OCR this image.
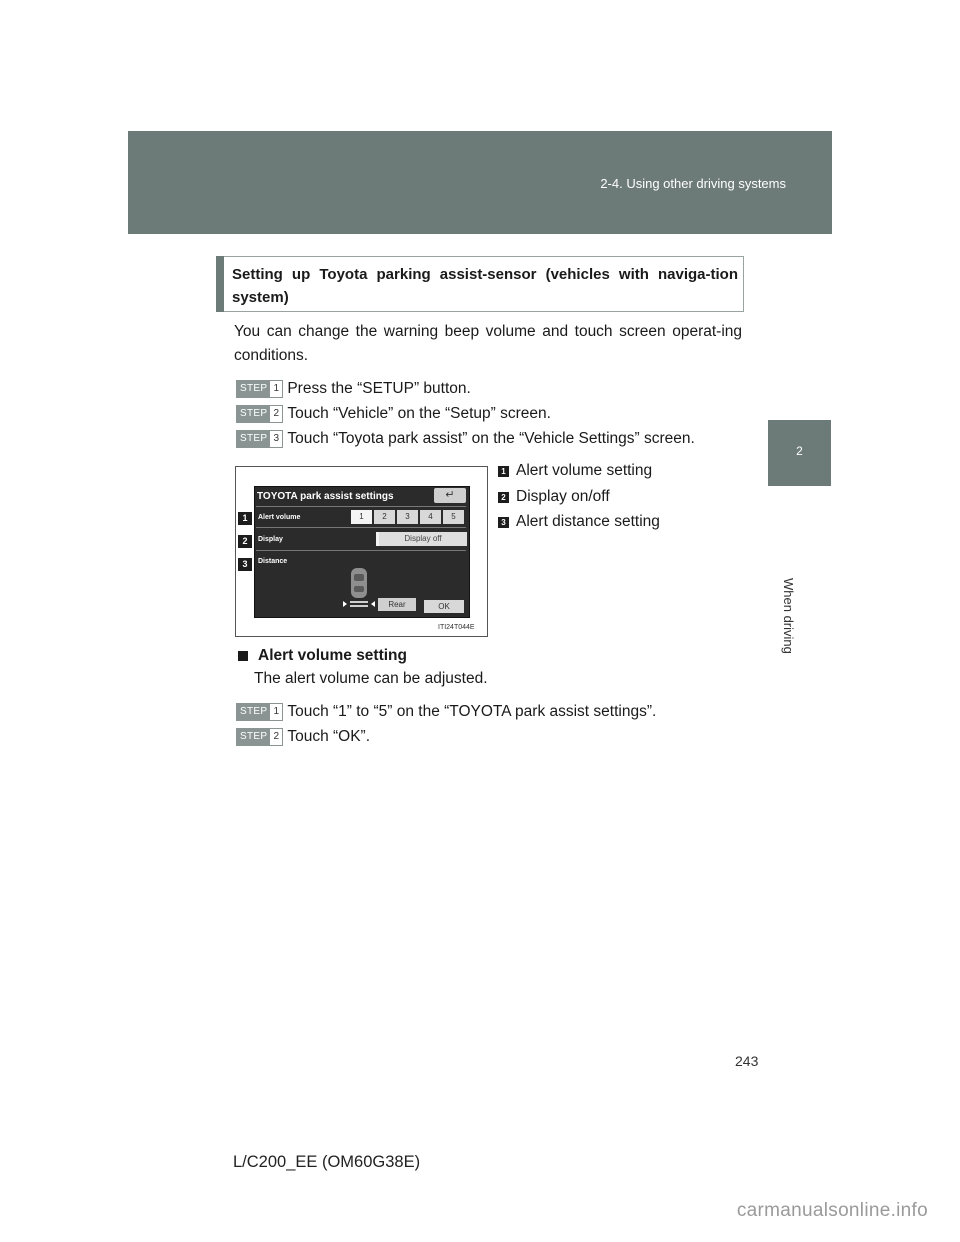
2-4. Using other driving systems
2
When driving
Setting up Toyota parking assist-sensor (vehicles with naviga-tion system)
You can change the warning beep volume and touch screen operat-ing conditions.
STEP 1 Press the “SETUP” button.
STEP 2 Touch “Vehicle” on the “Setup” screen.
STEP 3 Touch “Toyota park assist” on the “Vehicle Settings” screen.
TOYOTA park assist settings	↵
Alert volume
Display
Distance
1	2	3	4	5
Display off
Rear	OK
1
2
3
ITI24T044E
1 Alert volume setting
2 Display on/off
3 Alert distance setting
Alert volume setting
The alert volume can be adjusted.
STEP 1 Touch “1” to “5” on the “TOYOTA park assist settings”.
STEP 2 Touch “OK”.
243
L/C200_EE (OM60G38E)
carmanualsonline.info
